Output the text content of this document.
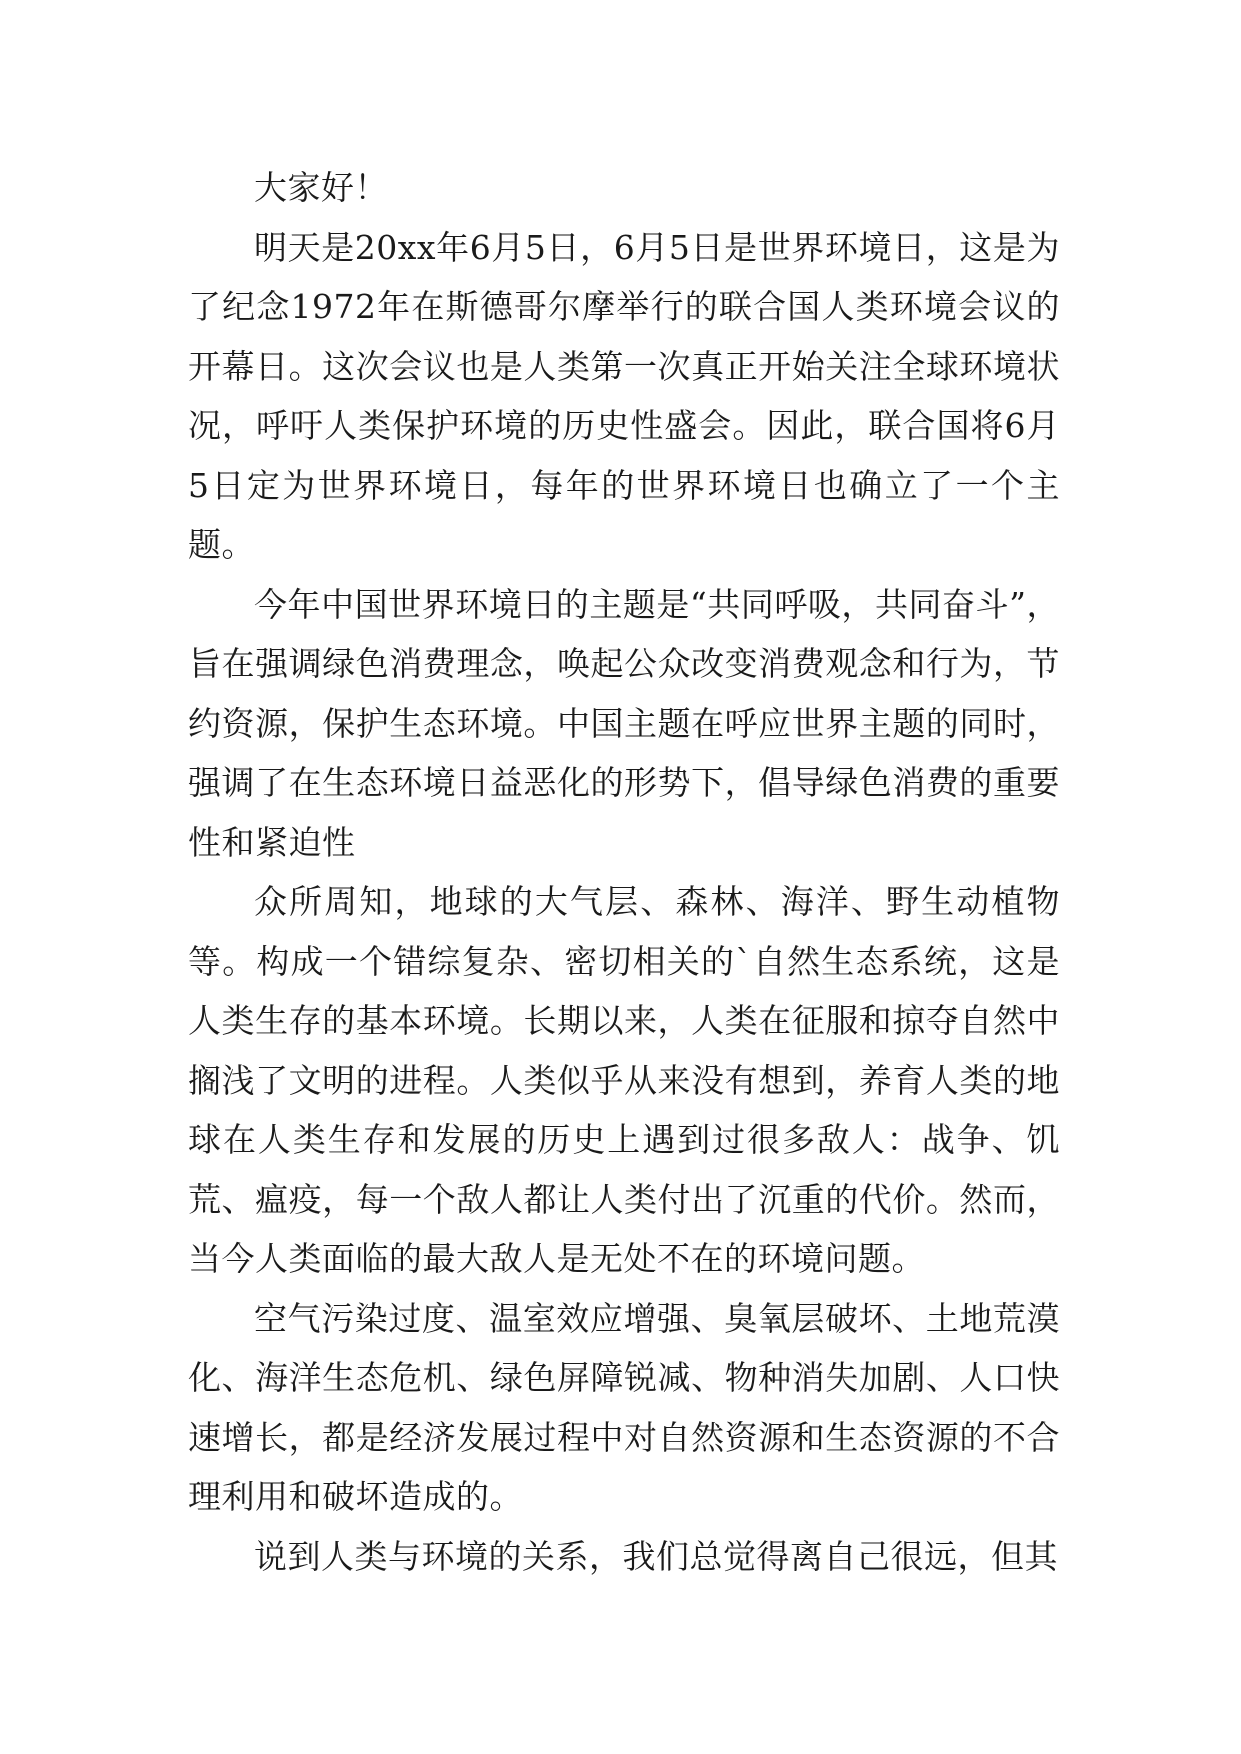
大家好！

明天是20xx年6月5日，6月5日是世界环境日，这是为了纪念1972年在斯德哥尔摩举行的联合国人类环境会议的开幕日。这次会议也是人类第一次真正开始关注全球环境状况，呼吁人类保护环境的历史性盛会。因此，联合国将6月5日定为世界环境日，每年的世界环境日也确立了一个主题。

今年中国世界环境日的主题是“共同呼吸，共同奋斗”，旨在强调绿色消费理念，唤起公众改变消费观念和行为，节约资源，保护生态环境。中国主题在呼应世界主题的同时，强调了在生态环境日益恶化的形势下，倡导绿色消费的重要性和紧迫性

众所周知，地球的大气层、森林、海洋、野生动植物等。构成一个错综复杂、密切相关的`自然生态系统，这是人类生存的基本环境。长期以来，人类在征服和掠夺自然中搁浅了文明的进程。人类似乎从来没有想到，养育人类的地球在人类生存和发展的历史上遇到过很多敌人：战争、饥荒、瘟疫，每一个敌人都让人类付出了沉重的代价。然而，当今人类面临的最大敌人是无处不在的环境问题。

空气污染过度、温室效应增强、臭氧层破坏、土地荒漠化、海洋生态危机、绿色屏障锐减、物种消失加剧、人口快速增长，都是经济发展过程中对自然资源和生态资源的不合理利用和破坏造成的。

说到人类与环境的关系，我们总觉得离自己很远，但其
